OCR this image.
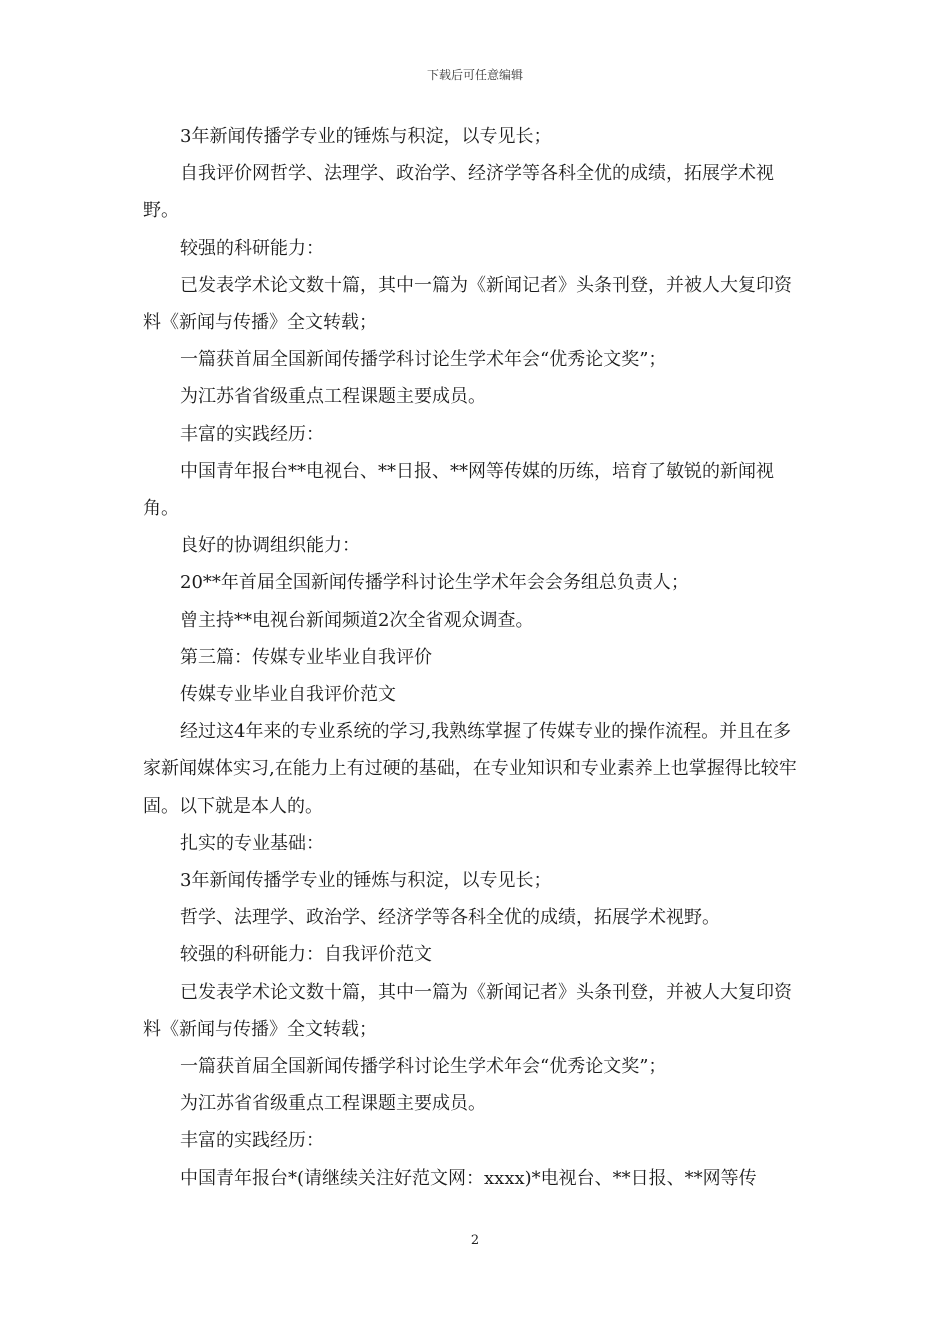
下载后可任意编辑

3年新闻传播学专业的锤炼与积淀，以专见长；

自我评价网哲学、法理学、政治学、经济学等各科全优的成绩，拓展学术视野。

较强的科研能力：

已发表学术论文数十篇，其中一篇为《新闻记者》头条刊登，并被人大复印资料《新闻与传播》全文转载；

一篇获首届全国新闻传播学科讨论生学术年会“优秀论文奖”；

为江苏省省级重点工程课题主要成员。

丰富的实践经历：

中国青年报台**电视台、**日报、**网等传媒的历练，培育了敏锐的新闻视角。

良好的协调组织能力：

20**年首届全国新闻传播学科讨论生学术年会会务组总负责人；

曾主持**电视台新闻频道2次全省观众调查。

第三篇：传媒专业毕业自我评价

传媒专业毕业自我评价范文

经过这4年来的专业系统的学习,我熟练掌握了传媒专业的操作流程。并且在多家新闻媒体实习,在能力上有过硬的基础，在专业知识和专业素养上也掌握得比较牢固。以下就是本人的。

扎实的专业基础：

3年新闻传播学专业的锤炼与积淀，以专见长；

哲学、法理学、政治学、经济学等各科全优的成绩，拓展学术视野。

较强的科研能力：自我评价范文

已发表学术论文数十篇，其中一篇为《新闻记者》头条刊登，并被人大复印资料《新闻与传播》全文转载；

一篇获首届全国新闻传播学科讨论生学术年会“优秀论文奖”；

为江苏省省级重点工程课题主要成员。

丰富的实践经历：

中国青年报台*(请继续关注好范文网：xxxx)*电视台、**日报、**网等传

2
